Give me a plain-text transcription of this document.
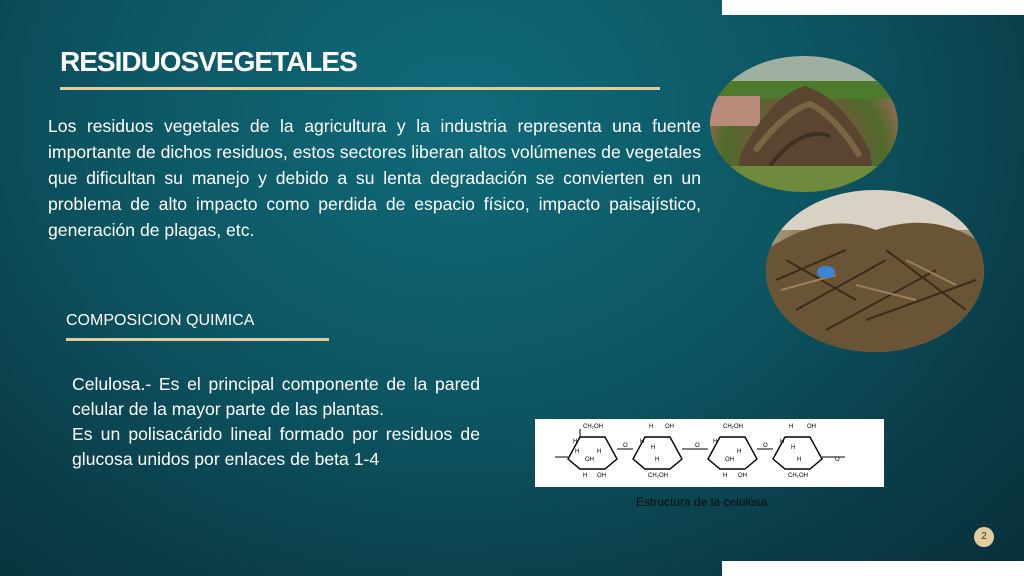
RESIDUOSVEGETALES

Los residuos vegetales de la agricultura y la industria representa una fuente importante de dichos residuos, estos sectores liberan altos volúmenes de vegetales que dificultan su manejo y debido a su lenta degradación se convierten en un problema de alto impacto como perdida de espacio físico, impacto paisajístico, generación de plagas, etc.

COMPOSICION QUIMICA

Celulosa.- Es el principal componente de la pared celular de la mayor parte de las plantas.

Es un polisacárido lineal formado por residuos de glucosa unidos por enlaces de beta 1-4

CH₂OH
H
H
OH
H
H OH
O
H OH
H
H
H
CH₂OH
CH₂OH
H
OH
H
H OH
O
O
H OH
H
H
H
CH₂OH
O
Estructura de la celulosa
2
